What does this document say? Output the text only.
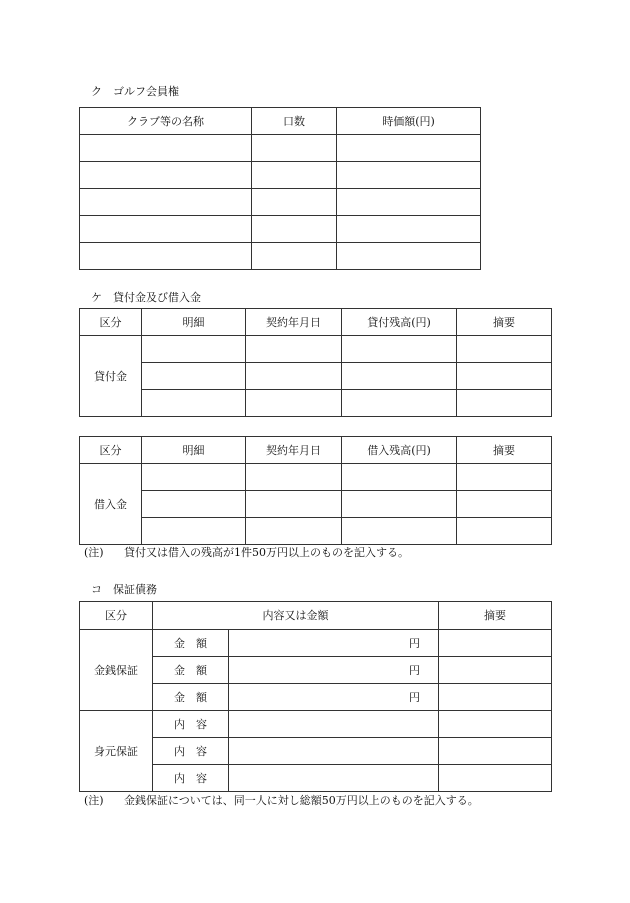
ク ゴルフ会員権
クラブ等の名称	口数	時価額(円)

ケ 貸付金及び借入金
区分	明細	契約年月日	貸付残高(円)	摘要
貸付金				

区分	明細	契約年月日	借入残高(円)	摘要
借入金				

(注) 貸付又は借入の残高が1件50万円以上のものを記入する。
コ 保証債務
区分	内容又は金額		摘要
金銭保証	金　額	円	
	金　額	円	
	金　額	円	
身元保証	内　容		
	内　容		
	内　容		
(注) 金銭保証については、同一人に対し総額50万円以上のものを記入する。
